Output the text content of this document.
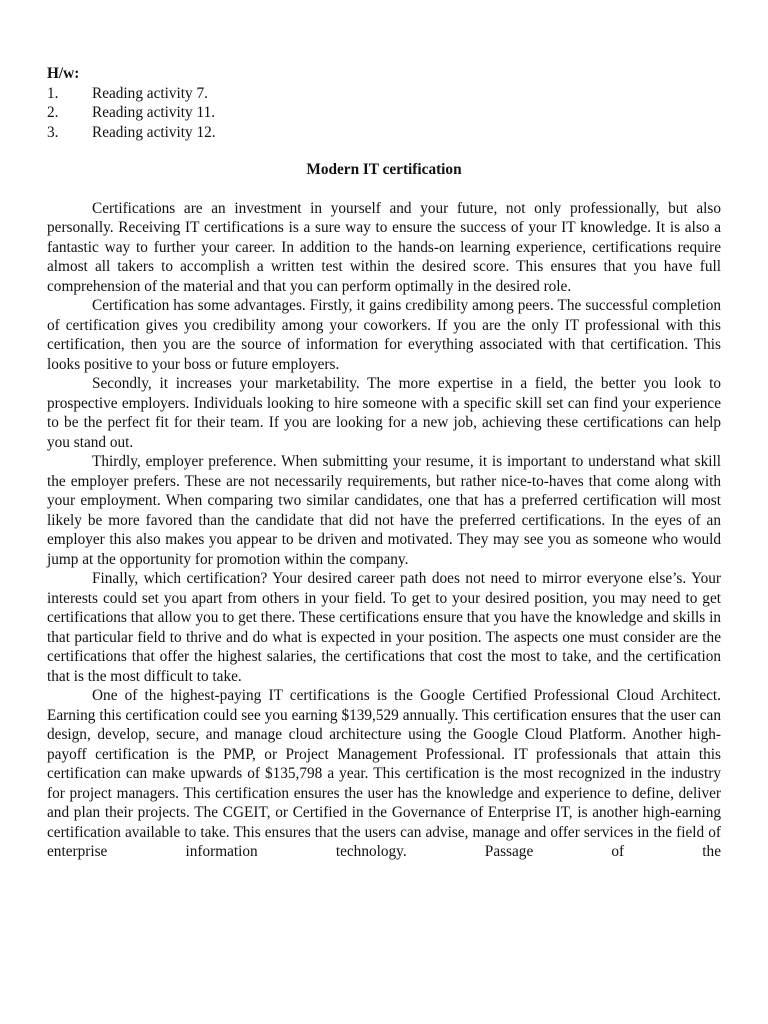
H/w:

1.	Reading activity 7.
2.	Reading activity 11.
3.	Reading activity 12.
Modern IT certification

Certifications are an investment in yourself and your future, not only professionally, but also personally. Receiving IT certifications is a sure way to ensure the success of your IT knowledge. It is also a fantastic way to further your career. In addition to the hands-on learning experience, certifications require almost all takers to accomplish a written test within the desired score. This ensures that you have full comprehension of the material and that you can perform optimally in the desired role.

Certification has some advantages. Firstly, it gains credibility among peers. The successful completion of certification gives you credibility among your coworkers. If you are the only IT professional with this certification, then you are the source of information for everything associated with that certification. This looks positive to your boss or future employers.

Secondly, it increases your marketability. The more expertise in a field, the better you look to prospective employers. Individuals looking to hire someone with a specific skill set can find your experience to be the perfect fit for their team. If you are looking for a new job, achieving these certifications can help you stand out.

Thirdly, employer preference. When submitting your resume, it is important to understand what skill the employer prefers. These are not necessarily requirements, but rather nice-to-haves that come along with your employment. When comparing two similar candidates, one that has a preferred certification will most likely be more favored than the candidate that did not have the preferred certifications. In the eyes of an employer this also makes you appear to be driven and motivated. They may see you as someone who would jump at the opportunity for promotion within the company.

Finally, which certification? Your desired career path does not need to mirror everyone else’s. Your interests could set you apart from others in your field. To get to your desired position, you may need to get certifications that allow you to get there. These certifications ensure that you have the knowledge and skills in that particular field to thrive and do what is expected in your position. The aspects one must consider are the certifications that offer the highest salaries, the certifications that cost the most to take, and the certification that is the most difficult to take.

One of the highest-paying IT certifications is the Google Certified Professional Cloud Architect. Earning this certification could see you earning $139,529 annually. This certification ensures that the user can design, develop, secure, and manage cloud architecture using the Google Cloud Platform. Another high-payoff certification is the PMP, or Project Management Professional. IT professionals that attain this certification can make upwards of $135,798 a year. This certification is the most recognized in the industry for project managers. This certification ensures the user has the knowledge and experience to define, deliver and plan their projects. The CGEIT, or Certified in the Governance of Enterprise IT, is another high-earning certification available to take. This ensures that the users can advise, manage and offer services in the field of enterprise information technology. Passage of the
